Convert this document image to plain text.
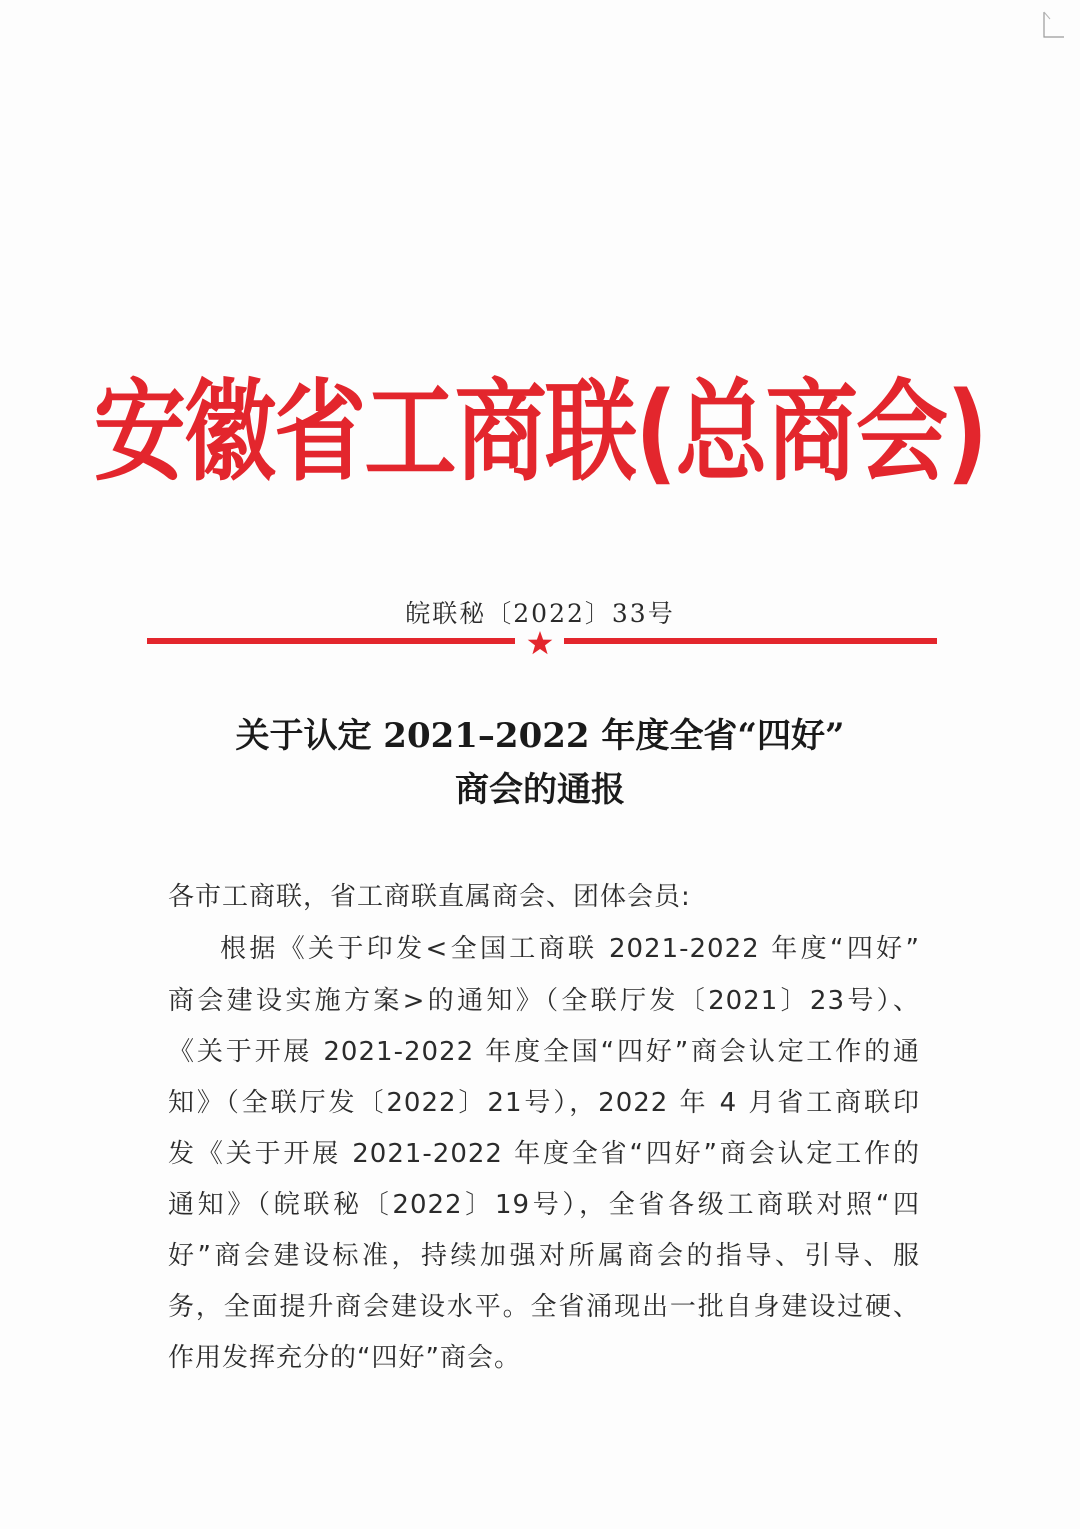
安徽省工商联(总商会)
皖联秘〔2022〕33号
关于认定 2021–2022 年度全省“四好”
商会的通报
各市工商联，省工商联直属商会、团体会员:
根据《关于印发<全国工商联 2021-2022 年度“四好”
商会建设实施方案>的通知》（全联厅发〔2021〕23号）、
《关于开展 2021-2022 年度全国“四好”商会认定工作的通
知》（全联厅发〔2022〕21号），2022 年 4 月省工商联印
发《关于开展 2021-2022 年度全省“四好”商会认定工作的
通知》（皖联秘〔2022〕19号），全省各级工商联对照“四
好”商会建设标准，持续加强对所属商会的指导、引导、服
务，全面提升商会建设水平。全省涌现出一批自身建设过硬、
作用发挥充分的“四好”商会。
